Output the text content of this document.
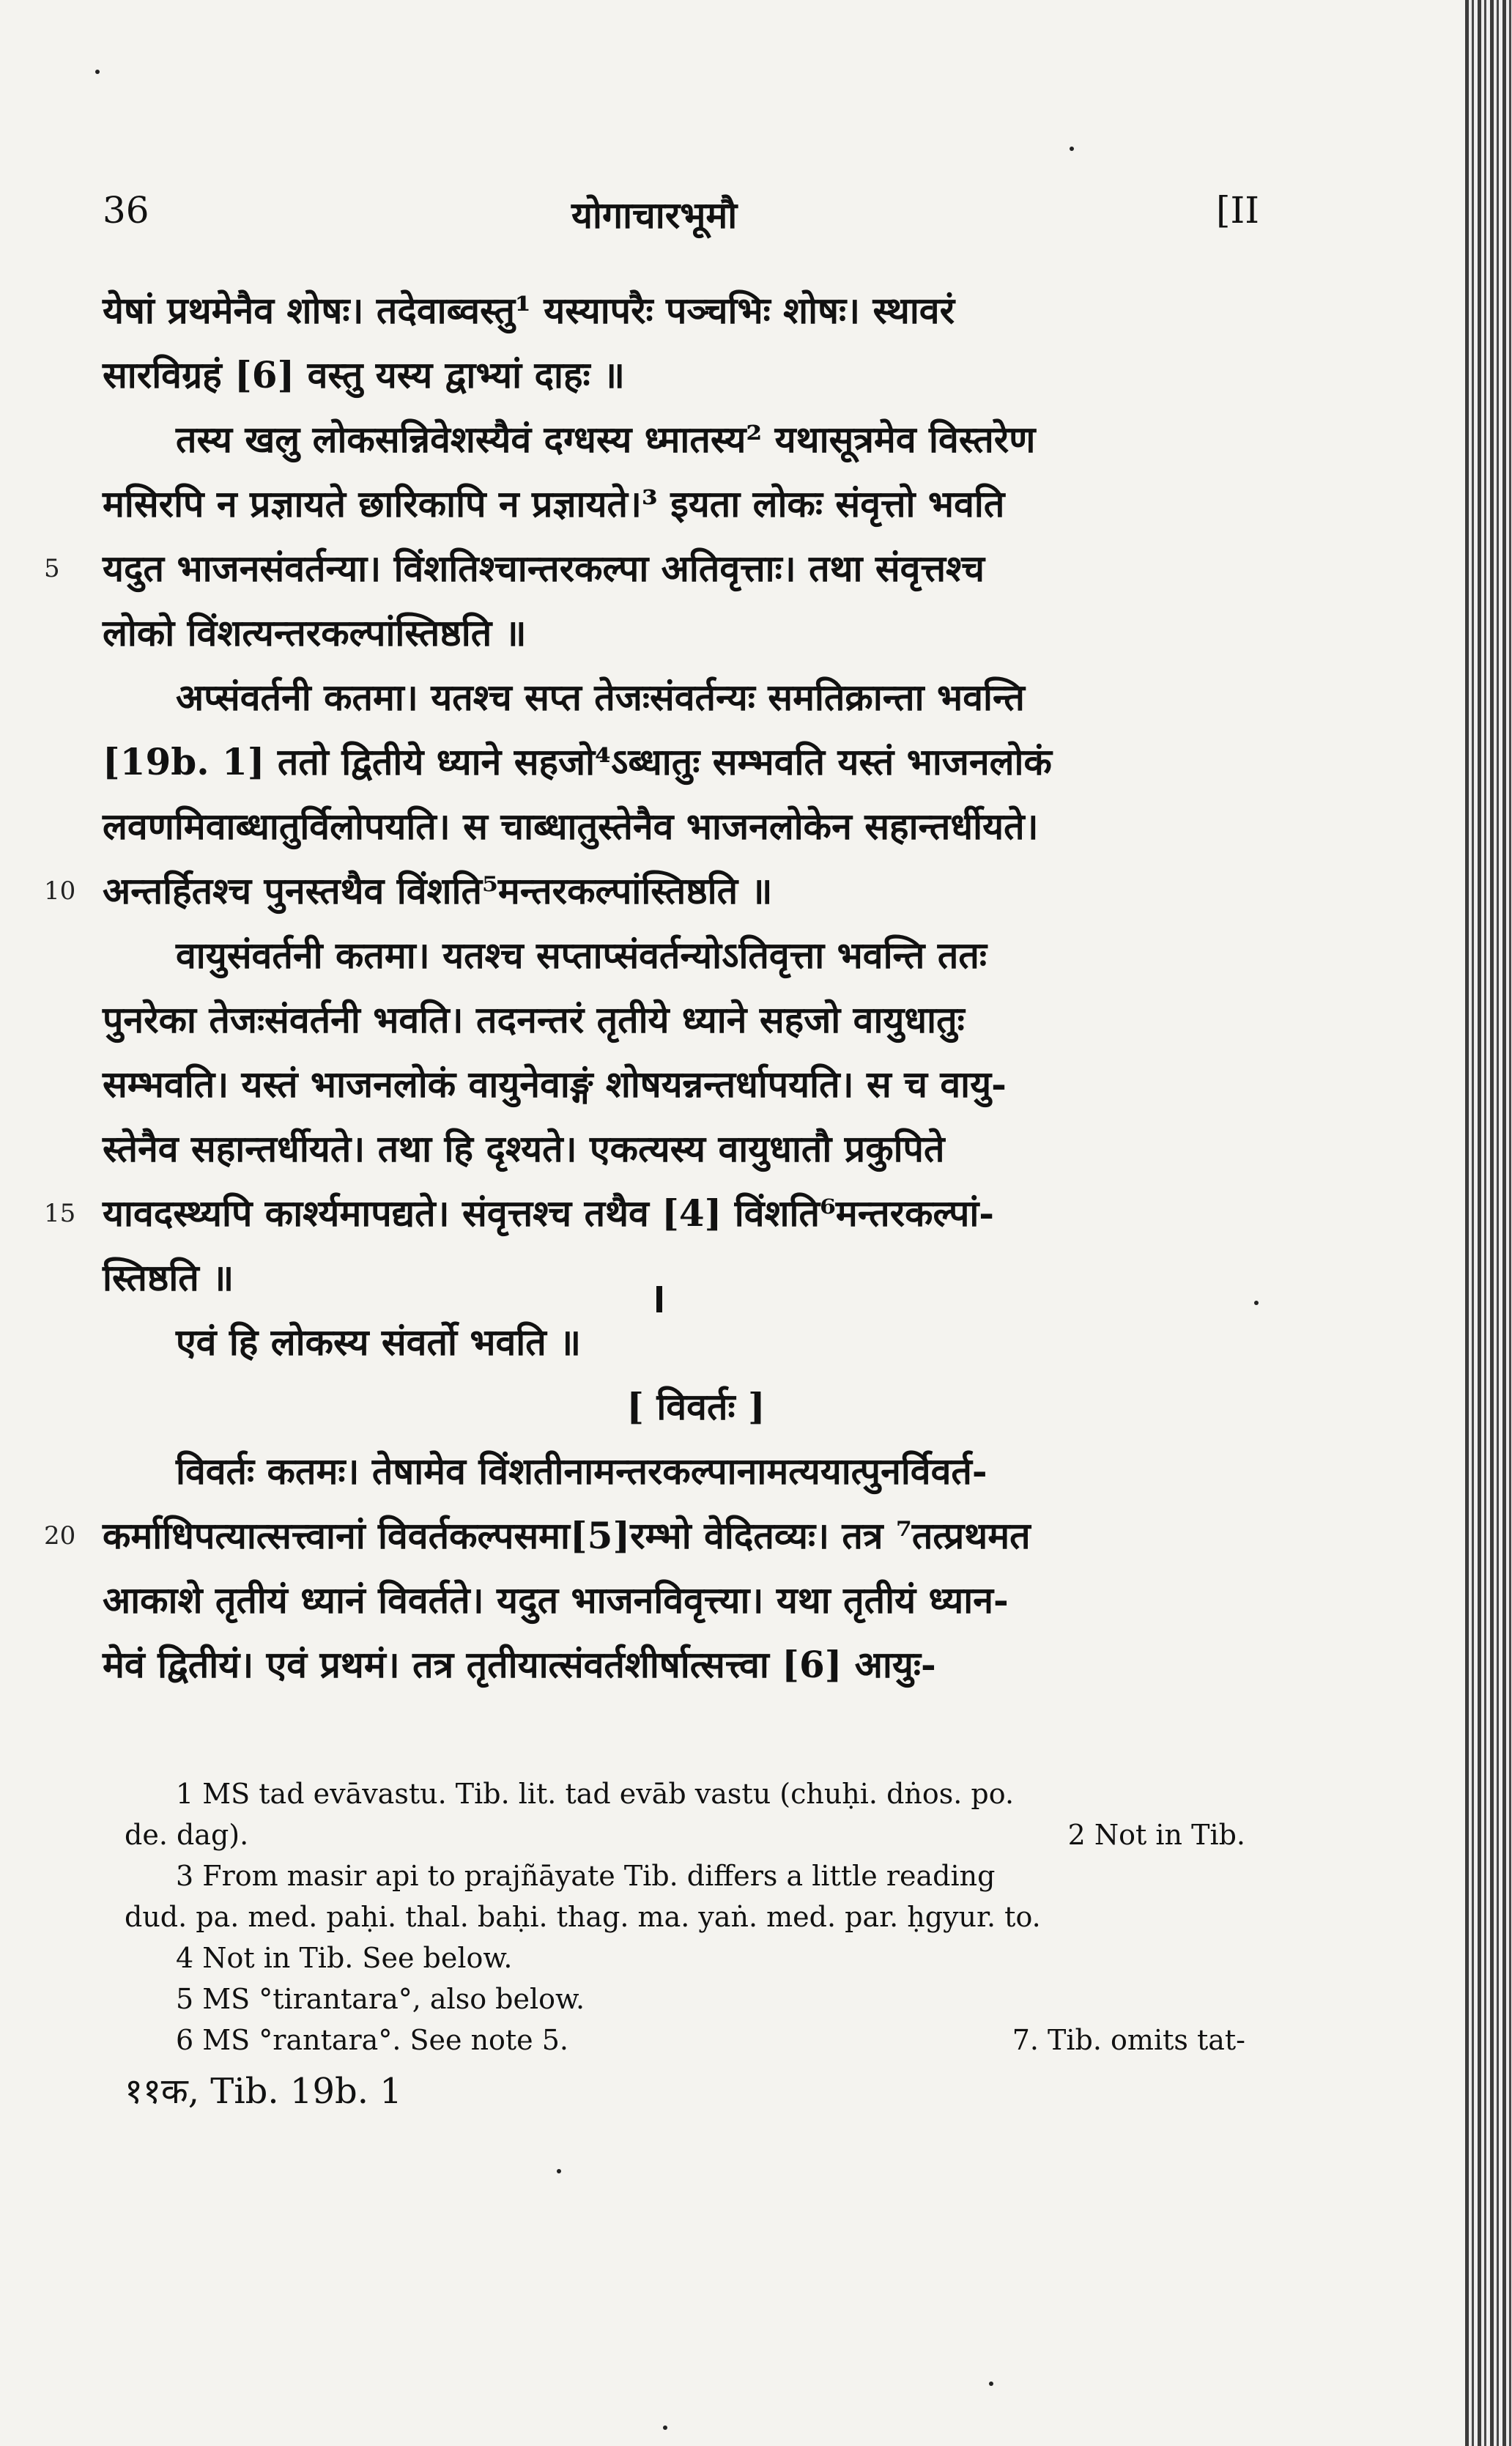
36	योगाचारभूमौ	[II
येषां प्रथमेनैव शोषः। तदेवाब्वस्तु¹ यस्यापरैः पञ्चभिः शोषः। स्थावरं
सारविग्रहं [6] वस्तु यस्य द्वाभ्यां दाहः ॥
तस्य खलु लोकसन्निवेशस्यैवं दग्धस्य ध्मातस्य² यथासूत्रमेव विस्तरेण
मसिरपि न प्रज्ञायते छारिकापि न प्रज्ञायते।³ इयता लोकः संवृत्तो भवति
5 यदुत भाजनसंवर्तन्या। विंशतिश्चान्तरकल्पा अतिवृत्ताः। तथा संवृत्तश्च
लोको विंशत्यन्तरकल्पांस्तिष्ठति ॥
अप्संवर्तनी कतमा। यतश्च सप्त तेजःसंवर्तन्यः समतिक्रान्ता भवन्ति
[19b. 1] ततो द्वितीये ध्याने सहजो⁴ऽब्धातुः सम्भवति यस्तं भाजनलोकं
लवणमिवाब्धातुर्विलोपयति। स चाब्धातुस्तेनैव भाजनलोकेन सहान्तर्धीयते।
10 अन्तर्हितश्च पुनस्तथैव विंशति⁵मन्तरकल्पांस्तिष्ठति ॥
वायुसंवर्तनी कतमा। यतश्च सप्ताप्संवर्तन्योऽतिवृत्ता भवन्ति ततः
पुनरेका तेजःसंवर्तनी भवति। तदनन्तरं तृतीये ध्याने सहजो वायुधातुः
सम्भवति। यस्तं भाजनलोकं वायुनेवाङ्गं शोषयन्नन्तर्धापयति। स च वायु-
स्तेनैव सहान्तर्धीयते। तथा हि दृश्यते। एकत्यस्य वायुधातौ प्रकुपिते
15 यावदस्थ्यपि कार्श्यमापद्यते। संवृत्तश्च तथैव [4] विंशति⁶मन्तरकल्पां-
स्तिष्ठति ॥
एवं हि लोकस्य संवर्तो भवति ॥
[ विवर्तः ]
विवर्तः कतमः। तेषामेव विंशतीनामन्तरकल्पानामत्ययात्पुनर्विवर्त-
20 कर्माधिपत्यात्सत्त्वानां विवर्तकल्पसमा[5]रम्भो वेदितव्यः। तत्र ⁷तत्प्रथमत
आकाशे तृतीयं ध्यानं विवर्तते। यदुत भाजनविवृत्त्या। यथा तृतीयं ध्यान-
मेवं द्वितीयं। एवं प्रथमं। तत्र तृतीयात्संवर्तशीर्षात्सत्त्वा [6] आयुः-
1 MS tad evāvastu. Tib. lit. tad evāb vastu (chuḥi. dṅos. po.
de. dag).	2 Not in Tib.
3 From masir api to prajñāyate Tib. differs a little reading
dud. pa. med. paḥi. thal. baḥi. thag. ma. yaṅ. med. par. ḥgyur. to.
4 Not in Tib. See below.
5 MS °tirantara°, also below.
6 MS °rantara°. See note 5.	7. Tib. omits tat-
११क, Tib. 19b. 1
